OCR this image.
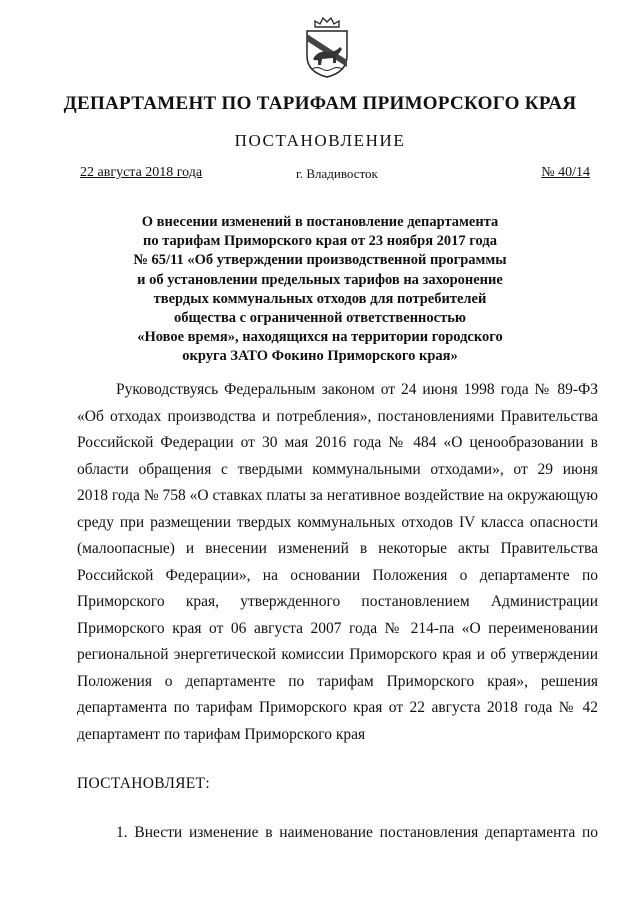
ДЕПАРТАМЕНТ ПО ТАРИФАМ ПРИМОРСКОГО КРАЯ
ПОСТАНОВЛЕНИЕ
22 августа 2018 года	г. Владивосток	№ 40/14
О внесении изменений в постановление департамента
по тарифам Приморского края от 23 ноября 2017 года
№ 65/11 «Об утверждении производственной программы
и об установлении предельных тарифов на захоронение
твердых коммунальных отходов для потребителей
общества с ограниченной ответственностью
«Новое время», находящихся на территории городского
округа ЗАТО Фокино Приморского края»
Руководствуясь Федеральным законом от 24 июня 1998 года № 89-ФЗ
«Об отходах производства и потребления», постановлениями Правительства
Российской Федерации от 30 мая 2016 года № 484 «О ценообразовании в
области обращения с твердыми коммунальными отходами», от 29 июня
2018 года № 758 «О ставках платы за негативное воздействие на окружающую
среду при размещении твердых коммунальных отходов IV класса опасности
(малоопасные) и внесении изменений в некоторые акты Правительства
Российской Федерации», на основании Положения о департаменте по
Приморского края, утвержденного постановлением Администрации
Приморского края от 06 августа 2007 года № 214-па «О переименовании
региональной энергетической комиссии Приморского края и об утверждении
Положения о департаменте по тарифам Приморского края», решения
департамента по тарифам Приморского края от 22 августа 2018 года № 42
департамент по тарифам Приморского края
ПОСТАНОВЛЯЕТ:
1. Внести изменение в наименование постановления департамента по
